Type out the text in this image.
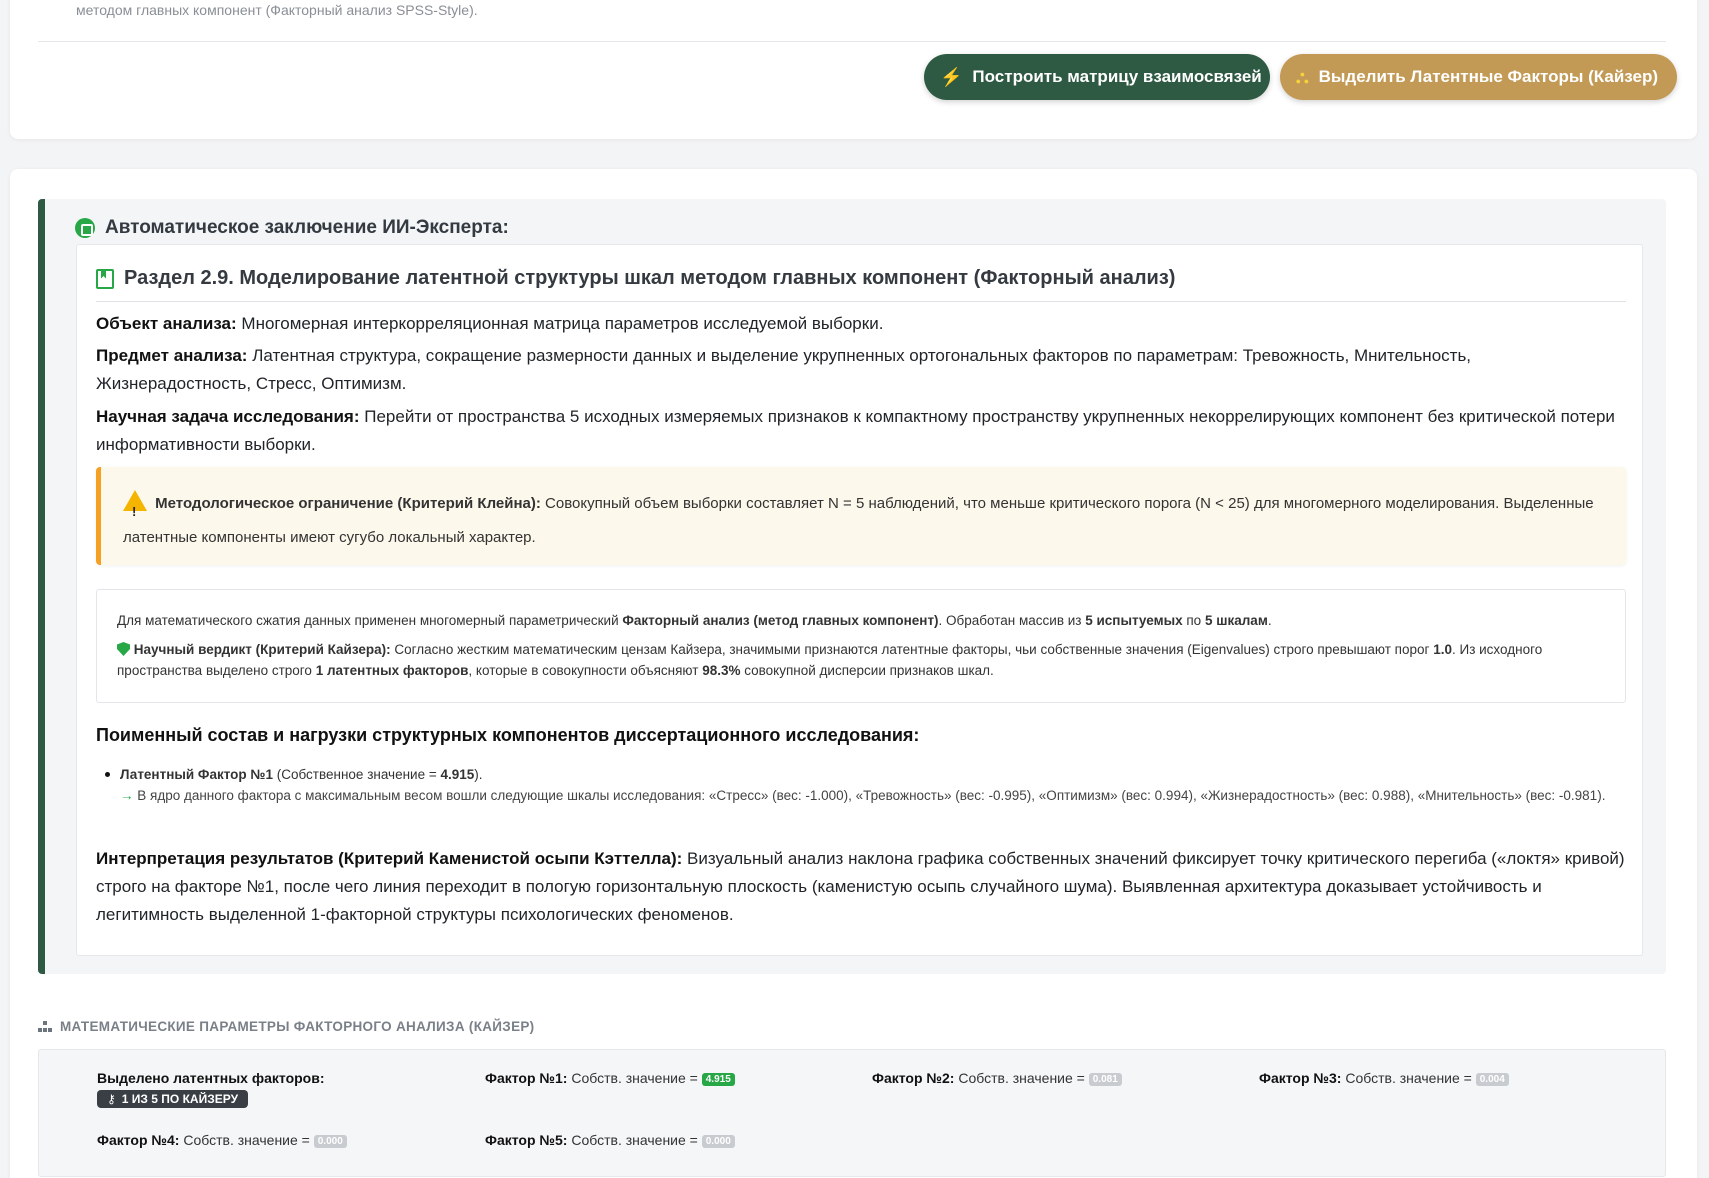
методом главных компонент (Факторный анализ SPSS-Style).
⚡ Построить матрицу взаимосвязей ⛬ Выделить Латентные Факторы (Кайзер)
Автоматическое заключение ИИ-Эксперта:
Раздел 2.9. Моделирование латентной структуры шкал методом главных компонент (Факторный анализ)
Объект анализа: Многомерная интеркорреляционная матрица параметров исследуемой выборки.
Предмет анализа: Латентная структура, сокращение размерности данных и выделение укрупненных ортогональных факторов по параметрам: Тревожность, Мнительность, Жизнерадостность, Стресс, Оптимизм.
Научная задача исследования: Перейти от пространства 5 исходных измеряемых признаков к компактному пространству укрупненных некоррелирующих компонент без критической потери информативности выборки.
! Методологическое ограничение (Критерий Клейна): Совокупный объем выборки составляет N = 5 наблюдений, что меньше критического порога (N < 25) для многомерного моделирования. Выделенные латентные компоненты имеют сугубо локальный характер.
Для математического сжатия данных применен многомерный параметрический Факторный анализ (метод главных компонент). Обработан массив из 5 испытуемых по 5 шкалам.
Научный вердикт (Критерий Кайзера): Согласно жестким математическим цензам Кайзера, значимыми признаются латентные факторы, чьи собственные значения (Eigenvalues) строго превышают порог 1.0. Из исходного пространства выделено строго 1 латентных факторов, которые в совокупности объясняют 98.3% совокупной дисперсии признаков шкал.
Поименный состав и нагрузки структурных компонентов диссертационного исследования:
Латентный Фактор №1 (Собственное значение = 4.915).
→ В ядро данного фактора с максимальным весом вошли следующие шкалы исследования: «Стресс» (вес: -1.000), «Тревожность» (вес: -0.995), «Оптимизм» (вес: 0.994), «Жизнерадостность» (вес: 0.988), «Мнительность» (вес: -0.981).
Интерпретация результатов (Критерий Каменистой осыпи Кэттелла): Визуальный анализ наклона графика собственных значений фиксирует точку критического перегиба («локтя» кривой) строго на факторе №1, после чего линия переходит в пологую горизонтальную плоскость (каменистую осыпь случайного шума). Выявленная архитектура доказывает устойчивость и легитимность выделенной 1-факторной структуры психологических феноменов.
МАТЕМАТИЧЕСКИЕ ПАРАМЕТРЫ ФАКТОРНОГО АНАЛИЗА (КАЙЗЕР)
Выделено латентных факторов:

⚷ 1 ИЗ 5 ПО КАЙЗЕРУ
Фактор №1: Собств. значение = 4.915	Фактор №2: Собств. значение = 0.081	Фактор №3: Собств. значение = 0.004
Фактор №4: Собств. значение = 0.000	Фактор №5: Собств. значение = 0.000
